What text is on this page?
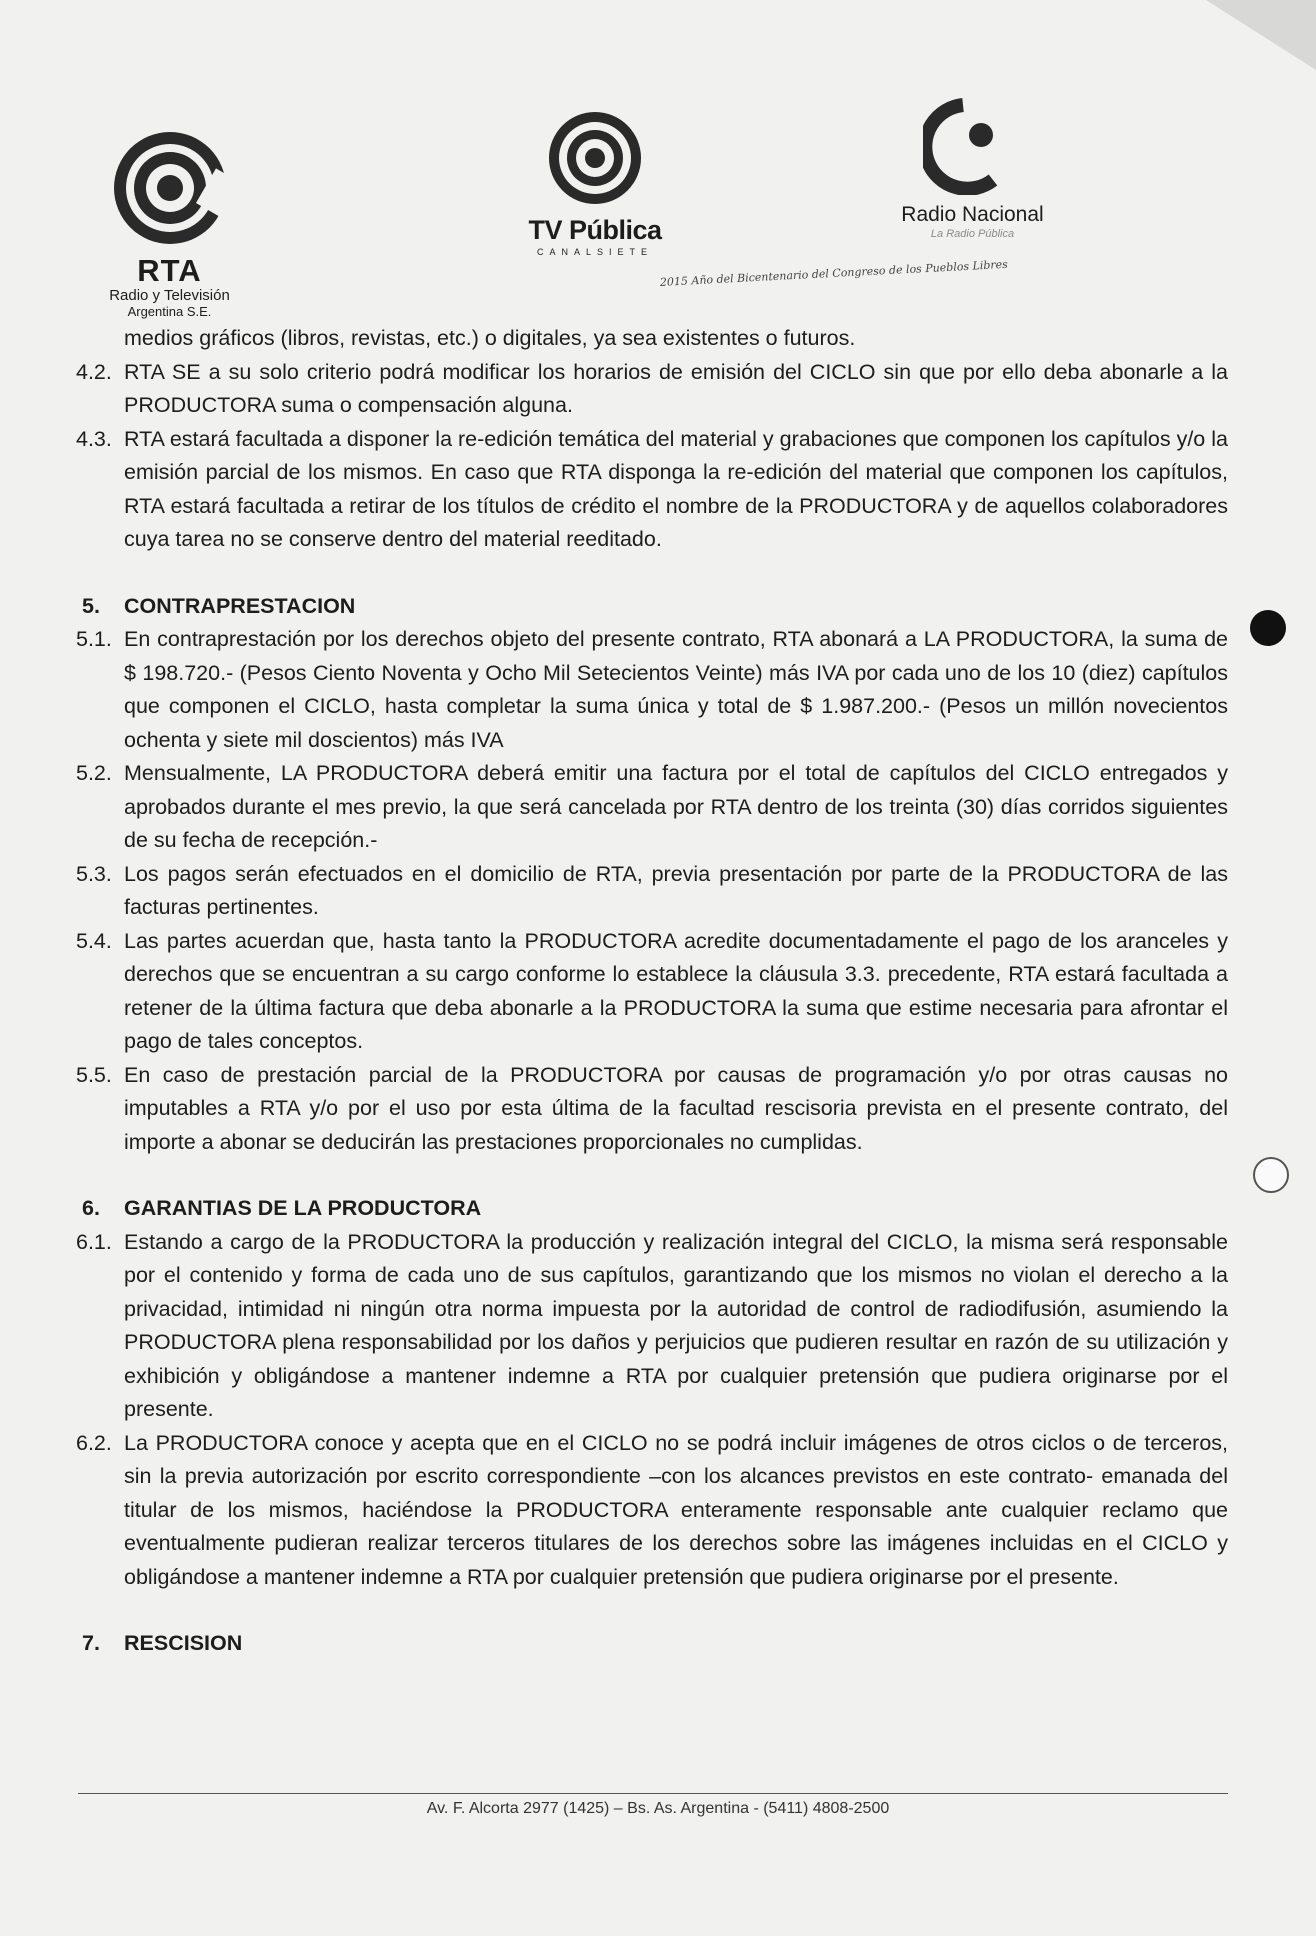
RTA

Radio y Televisión

Argentina S.E.

TV Pública

CANALSIETE

Radio Nacional

La Radio Pública

2015 Año del Bicentenario del Congreso de los Pueblos Libres

medios gráficos (libros, revistas, etc.) o digitales, ya sea existentes o futuros.

4.2. RTA SE a su solo criterio podrá modificar los horarios de emisión del CICLO sin que por ello deba abonarle a la PRODUCTORA suma o compensación alguna.
4.3. RTA estará facultada a disponer la re-edición temática del material y grabaciones que componen los capítulos y/o la emisión parcial de los mismos. En caso que RTA disponga la re-edición del material que componen los capítulos, RTA estará facultada a retirar de los títulos de crédito el nombre de la PRODUCTORA y de aquellos colaboradores cuya tarea no se conserve dentro del material reeditado.

5. CONTRAPRESTACION

5.1. En contraprestación por los derechos objeto del presente contrato, RTA abonará a LA PRODUCTORA, la suma de $ 198.720.- (Pesos Ciento Noventa y Ocho Mil Setecientos Veinte) más IVA por cada uno de los 10 (diez) capítulos que componen el CICLO, hasta completar la suma única y total de $ 1.987.200.- (Pesos un millón novecientos ochenta y siete mil doscientos) más IVA
5.2. Mensualmente, LA PRODUCTORA deberá emitir una factura por el total de capítulos del CICLO entregados y aprobados durante el mes previo, la que será cancelada por RTA dentro de los treinta (30) días corridos siguientes de su fecha de recepción.-
5.3. Los pagos serán efectuados en el domicilio de RTA, previa presentación por parte de la PRODUCTORA de las facturas pertinentes.
5.4. Las partes acuerdan que, hasta tanto la PRODUCTORA acredite documentadamente el pago de los aranceles y derechos que se encuentran a su cargo conforme lo establece la cláusula 3.3. precedente, RTA estará facultada a retener de la última factura que deba abonarle a la PRODUCTORA la suma que estime necesaria para afrontar el pago de tales conceptos.
5.5. En caso de prestación parcial de la PRODUCTORA por causas de programación y/o por otras causas no imputables a RTA y/o por el uso por esta última de la facultad rescisoria prevista en el presente contrato, del importe a abonar se deducirán las prestaciones proporcionales no cumplidas.

6. GARANTIAS DE LA PRODUCTORA

6.1. Estando a cargo de la PRODUCTORA la producción y realización integral del CICLO, la misma será responsable por el contenido y forma de cada uno de sus capítulos, garantizando que los mismos no violan el derecho a la privacidad, intimidad ni ningún otra norma impuesta por la autoridad de control de radiodifusión, asumiendo la PRODUCTORA plena responsabilidad por los daños y perjuicios que pudieren resultar en razón de su utilización y exhibición y obligándose a mantener indemne a RTA por cualquier pretensión que pudiera originarse por el presente.
6.2. La PRODUCTORA conoce y acepta que en el CICLO no se podrá incluir imágenes de otros ciclos o de terceros, sin la previa autorización por escrito correspondiente –con los alcances previstos en este contrato- emanada del titular de los mismos, haciéndose la PRODUCTORA enteramente responsable ante cualquier reclamo que eventualmente pudieran realizar terceros titulares de los derechos sobre las imágenes incluidas en el CICLO y obligándose a mantener indemne a RTA por cualquier pretensión que pudiera originarse por el presente.

7. RESCISION

Av. F. Alcorta 2977 (1425) – Bs. As. Argentina - (5411) 4808-2500
